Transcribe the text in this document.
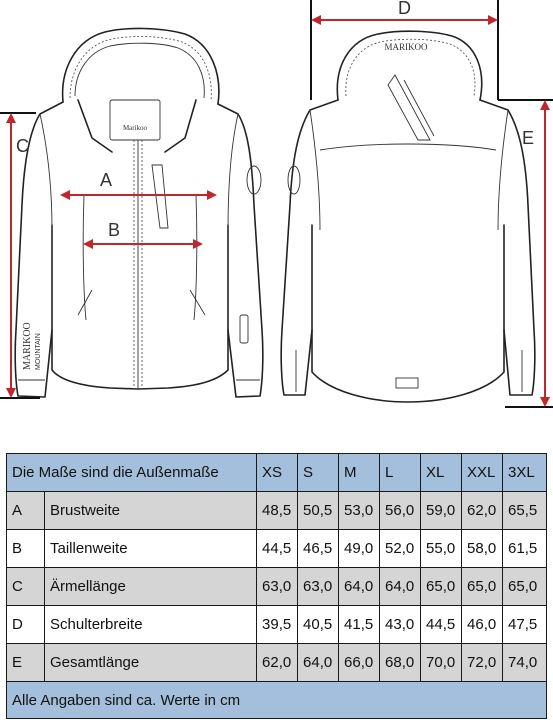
Marikoo
MARIKOO MOUNTAIN
MARIKOO
A
B
C
D
E
Die Maße sind die Außenmaße		XS	S	M	L	XL	XXL	3XL
A	Brustweite	48,5	50,5	53,0	56,0	59,0	62,0	65,5
B	Taillenweite	44,5	46,5	49,0	52,0	55,0	58,0	61,5
C	Ärmellänge	63,0	63,0	64,0	64,0	65,0	65,0	65,0
D	Schulterbreite	39,5	40,5	41,5	43,0	44,5	46,0	47,5
E	Gesamtlänge	62,0	64,0	66,0	68,0	70,0	72,0	74,0
Alle Angaben sind ca. Werte in cm								
